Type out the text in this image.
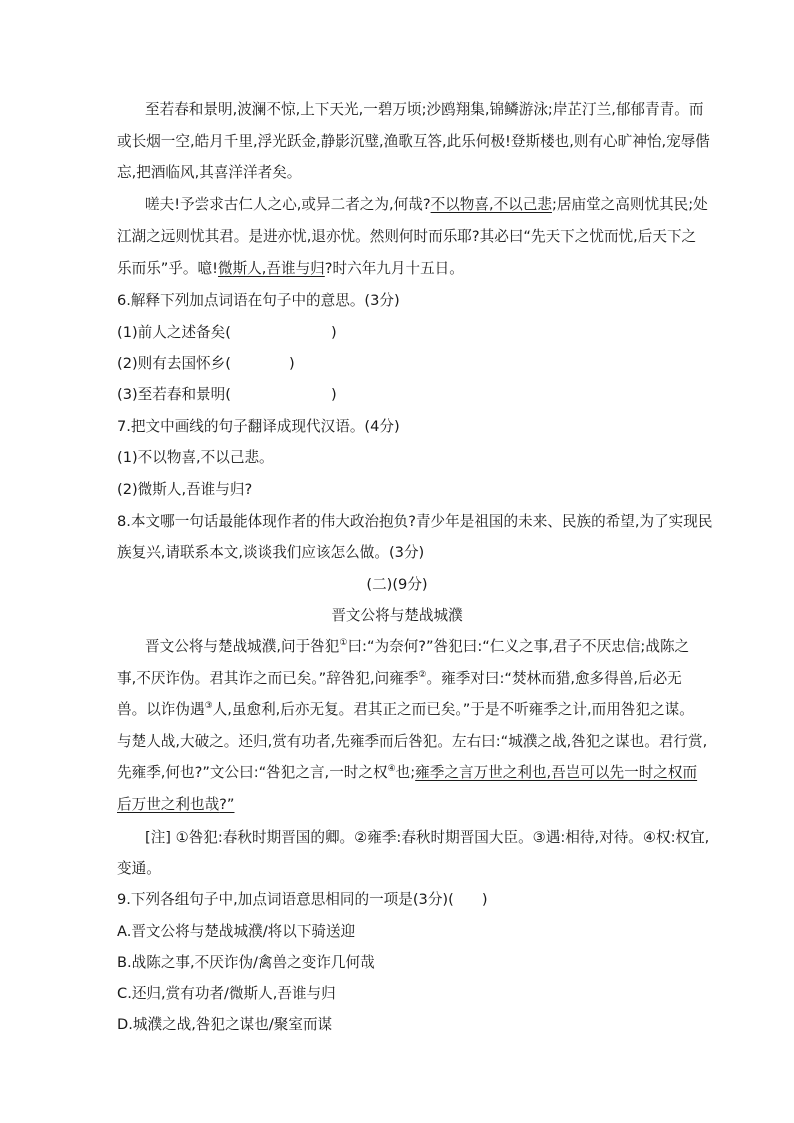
至若春和景明,波澜不惊,上下天光,一碧万顷;沙鸥翔集,锦鳞游泳;岸芷汀兰,郁郁青青。而
或长烟一空,皓月千里,浮光跃金,静影沉璧,渔歌互答,此乐何极!登斯楼也,则有心旷神怡,宠辱偕
忘,把酒临风,其喜洋洋者矣。
嗟夫!予尝求古仁人之心,或异二者之为,何哉?不以物喜,不以己悲;居庙堂之高则忧其民;处
江湖之远则忧其君。是进亦忧,退亦忧。然则何时而乐耶?其必曰“先天下之忧而忧,后天下之
乐而乐”乎。噫!微斯人,吾谁与归?时六年九月十五日。
6.解释下列加点词语在句子中的意思。(3分)
(1)前人之述备矣(	)
(2)则有去国怀乡(	)
(3)至若春和景明(	)
7.把文中画线的句子翻译成现代汉语。(4分)
(1)不以物喜,不以己悲。
(2)微斯人,吾谁与归?
8.本文哪一句话最能体现作者的伟大政治抱负?青少年是祖国的未来、民族的希望,为了实现民
族复兴,请联系本文,谈谈我们应该怎么做。(3分)
(二)(9分)
晋文公将与楚战城濮
晋文公将与楚战城濮,问于咎犯①曰:“为奈何?”咎犯曰:“仁义之事,君子不厌忠信;战陈之
事,不厌诈伪。君其诈之而已矣。”辞咎犯,问雍季②。雍季对曰:“焚林而猎,愈多得兽,后必无
兽。以诈伪遇③人,虽愈利,后亦无复。君其正之而已矣。”于是不听雍季之计,而用咎犯之谋。
与楚人战,大破之。还归,赏有功者,先雍季而后咎犯。左右曰:“城濮之战,咎犯之谋也。君行赏,
先雍季,何也?”文公曰:“咎犯之言,一时之权④也;雍季之言万世之利也,吾岂可以先一时之权而
后万世之利也哉?”
[注] ①咎犯:春秋时期晋国的卿。②雍季:春秋时期晋国大臣。③遇:相待,对待。④权:权宜,
变通。
9.下列各组句子中,加点词语意思相同的一项是(3分)( )
A.晋文公将与楚战城濮/将以下骑送迎
B.战陈之事,不厌诈伪/禽兽之变诈几何哉
C.还归,赏有功者/微斯人,吾谁与归
D.城濮之战,咎犯之谋也/聚室而谋
